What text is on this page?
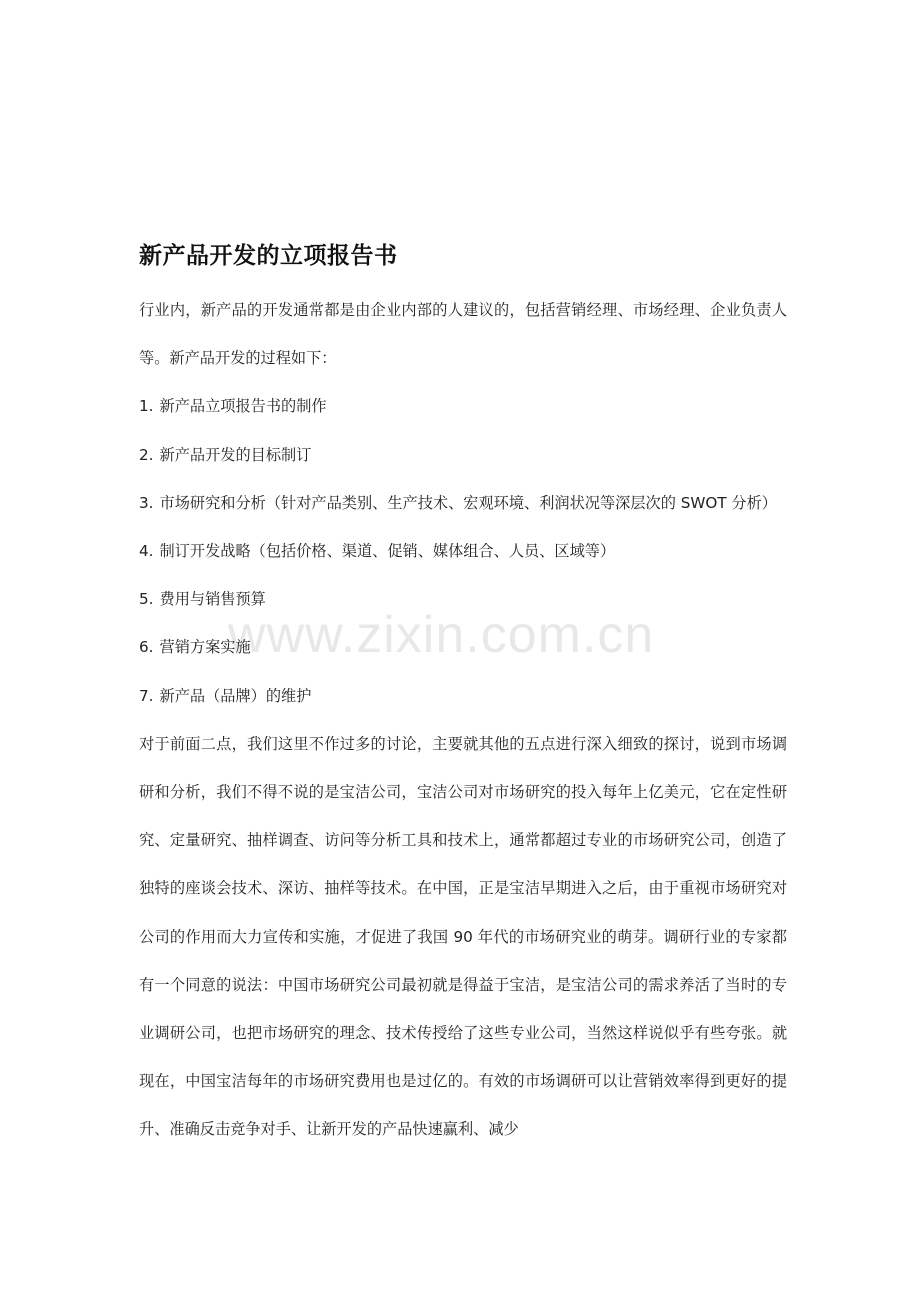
新产品开发的立项报告书

行业内，新产品的开发通常都是由企业内部的人建议的，包括营销经理、市场经理、企业负责人等。新产品开发的过程如下：

1. 新产品立项报告书的制作
2. 新产品开发的目标制订
3. 市场研究和分析（针对产品类别、生产技术、宏观环境、利润状况等深层次的 SWOT 分析）
4. 制订开发战略（包括价格、渠道、促销、媒体组合、人员、区域等）
5. 费用与销售预算
6. 营销方案实施
7. 新产品（品牌）的维护

对于前面二点，我们这里不作过多的讨论，主要就其他的五点进行深入细致的探讨，说到市场调研和分析，我们不得不说的是宝洁公司，宝洁公司对市场研究的投入每年上亿美元，它在定性研究、定量研究、抽样调查、访问等分析工具和技术上，通常都超过专业的市场研究公司，创造了独特的座谈会技术、深访、抽样等技术。在中国，正是宝洁早期进入之后，由于重视市场研究对公司的作用而大力宣传和实施，才促进了我国 90 年代的市场研究业的萌芽。调研行业的专家都有一个同意的说法：中国市场研究公司最初就是得益于宝洁，是宝洁公司的需求养活了当时的专业调研公司，也把市场研究的理念、技术传授给了这些专业公司，当然这样说似乎有些夸张。就现在，中国宝洁每年的市场研究费用也是过亿的。有效的市场调研可以让营销效率得到更好的提升、准确反击竞争对手、让新开发的产品快速赢利、减少

www.zixin.com.cn
